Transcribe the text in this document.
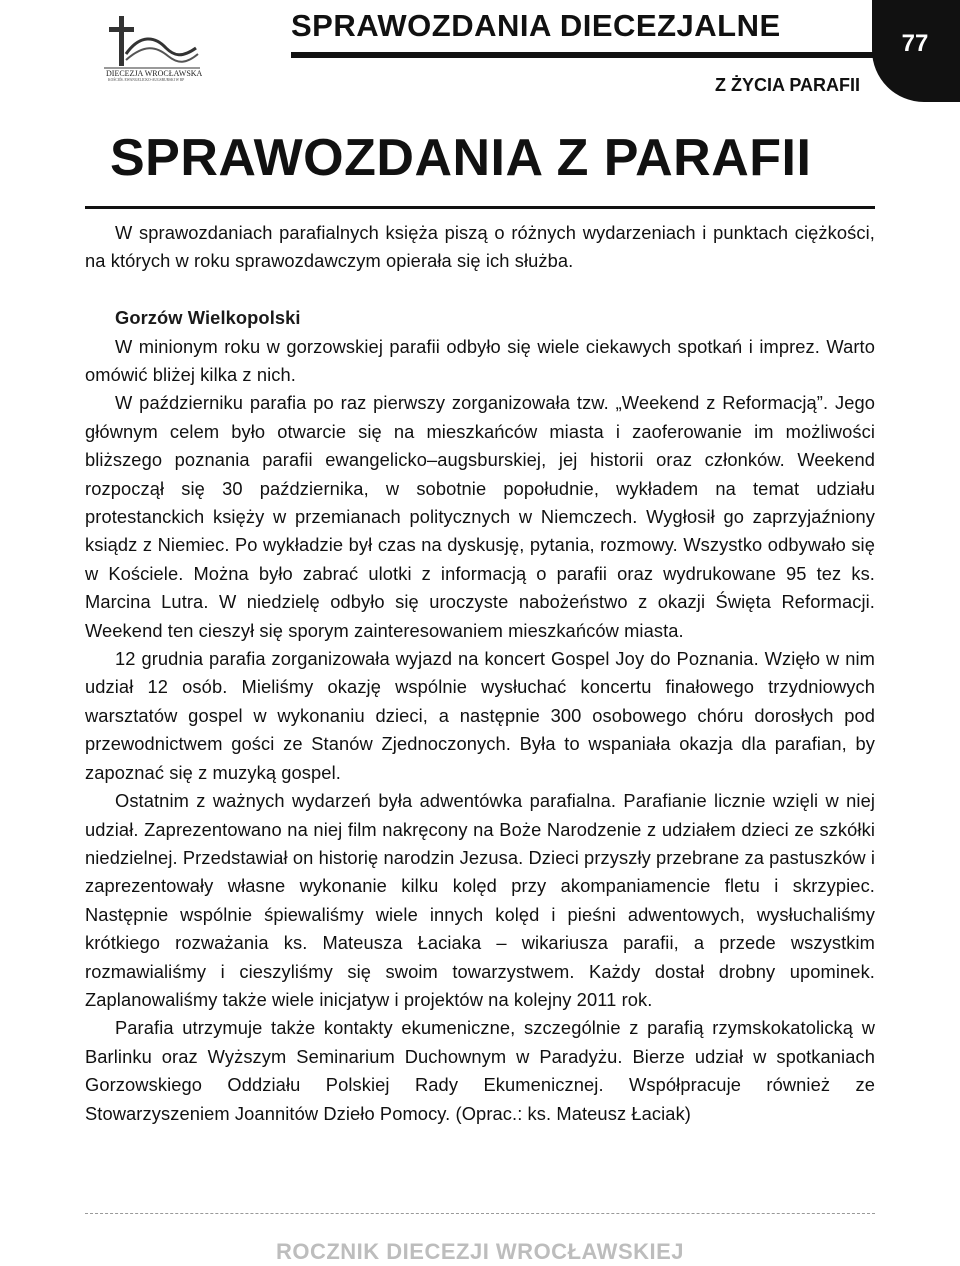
DIECEZJA WROCŁAWSKA
KOŚCIÓŁ EWANGELICKO-AUGSBURSKI W RP
SPRAWOZDANIA DIECEZJALNE
Z ŻYCIA PARAFII
77
SPRAWOZDANIA Z PARAFII

W sprawozdaniach parafialnych księża piszą o różnych wydarzeniach i punktach ciężkości, na których w roku sprawozdawczym opierała się ich służba.

Gorzów Wielkopolski

W minionym roku w gorzowskiej parafii odbyło się wiele ciekawych spotkań i imprez. Warto omówić bliżej kilka z nich.

W październiku parafia po raz pierwszy zorganizowała tzw. „Weekend z Reformacją”. Jego głównym celem było otwarcie się na mieszkańców miasta i zaoferowanie im możliwości bliższego poznania parafii ewangelicko–augsburskiej, jej historii oraz członków. Weekend rozpoczął się 30 października, w sobotnie popołudnie, wykładem na temat udziału protestanckich księży w przemianach politycznych w Niemczech. Wygłosił go zaprzyjaźniony ksiądz z Niemiec. Po wykładzie był czas na dyskusję, pytania, rozmowy. Wszystko odbywało się w Kościele. Można było zabrać ulotki z informacją o parafii oraz wydrukowane 95 tez ks. Marcina Lutra. W niedzielę odbyło się uroczyste nabożeństwo z okazji Święta Reformacji. Weekend ten cieszył się sporym zainteresowaniem mieszkańców miasta.

12 grudnia parafia zorganizowała wyjazd na koncert Gospel Joy do Poznania. Wzięło w nim udział 12 osób. Mieliśmy okazję wspólnie wysłuchać koncertu finałowego trzydniowych warsztatów gospel w wykonaniu dzieci, a następnie 300 osobowego chóru dorosłych pod przewodnictwem gości ze Stanów Zjednoczonych. Była to wspaniała okazja dla parafian, by zapoznać się z muzyką gospel.

Ostatnim z ważnych wydarzeń była adwentówka parafialna. Parafianie licznie wzięli w niej udział. Zaprezentowano na niej film nakręcony na Boże Narodzenie z udziałem dzieci ze szkółki niedzielnej. Przedstawiał on historię narodzin Jezusa. Dzieci przyszły przebrane za pastuszków i zaprezentowały własne wykonanie kilku kolęd przy akompaniamencie fletu i skrzypiec. Następnie wspólnie śpiewaliśmy wiele innych kolęd i pieśni adwentowych, wysłuchaliśmy krótkiego rozważania ks. Mateusza Łaciaka – wikariusza parafii, a przede wszystkim rozmawialiśmy i cieszyliśmy się swoim towarzystwem. Każdy dostał drobny upominek. Zaplanowaliśmy także wiele inicjatyw i projektów na kolejny 2011 rok.

Parafia utrzymuje także kontakty ekumeniczne, szczególnie z parafią rzymskokatolicką w Barlinku oraz Wyższym Seminarium Duchownym w Paradyżu. Bierze udział w spotkaniach Gorzowskiego Oddziału Polskiej Rady Ekumenicznej. Współpracuje również ze Stowarzyszeniem Joannitów Dzieło Pomocy. (Oprac.: ks. Mateusz Łaciak)

ROCZNIK DIECEZJI WROCŁAWSKIEJ
